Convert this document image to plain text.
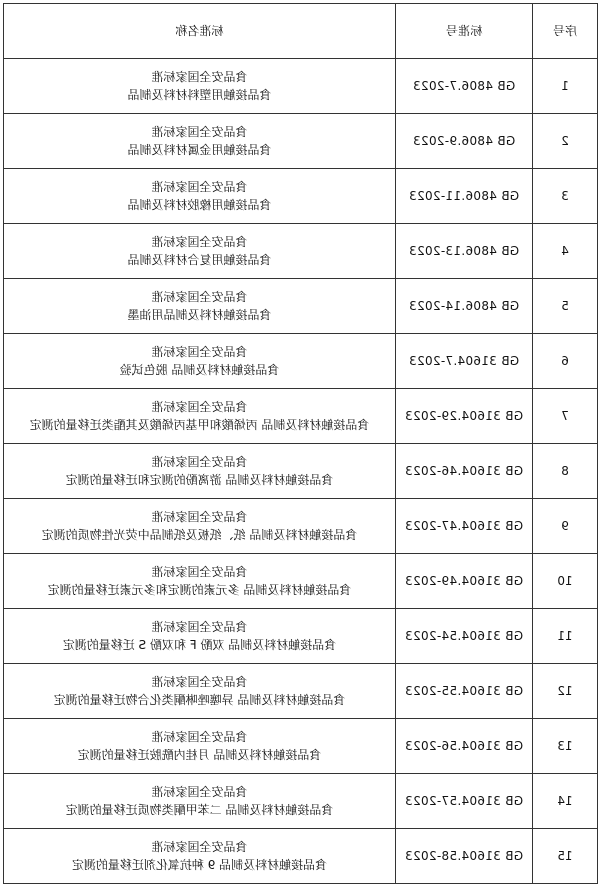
序号	标准号	标准名称
1	GB 4806.7-2023	食品安全国家标准
食品接触用塑料材料及制品

2	GB 4806.9-2023	食品安全国家标准
食品接触用金属材料及制品

3	GB 4806.11-2023	食品安全国家标准
食品接触用橡胶材料及制品

4	GB 4806.13-2023	食品安全国家标准
食品接触用复合材料及制品

5	GB 4806.14-2023	食品安全国家标准
食品接触材料及制品用油墨

6	GB 31604.7-2023	食品安全国家标准
食品接触材料及制品 脱色试验

7	GB 31604.29-2023	食品安全国家标准
食品接触材料及制品 丙烯酸和甲基丙烯酸及其酯类迁移量的测定

8	GB 31604.46-2023	食品安全国家标准
食品接触材料及制品 游离酚的测定和迁移量的测定

9	GB 31604.47-2023	食品安全国家标准
食品接触材料及制品 纸、纸板及纸制品中荧光性物质的测定

10	GB 31604.49-2023	食品安全国家标准
食品接触材料及制品 多元素的测定和多元素迁移量的测定

11	GB 31604.54-2023	食品安全国家标准
食品接触材料及制品 双酚 F 和双酚 S 迁移量的测定

12	GB 31604.55-2023	食品安全国家标准
食品接触材料及制品 异噻唑啉酮类化合物迁移量的测定

13	GB 31604.56-2023	食品安全国家标准
食品接触材料及制品 月桂内酰胺迁移量的测定

14	GB 31604.57-2023	食品安全国家标准
食品接触材料及制品 二苯甲酮类物质迁移量的测定

15	GB 31604.58-2023	食品安全国家标准
食品接触材料及制品 9 种抗氧化剂迁移量的测定
